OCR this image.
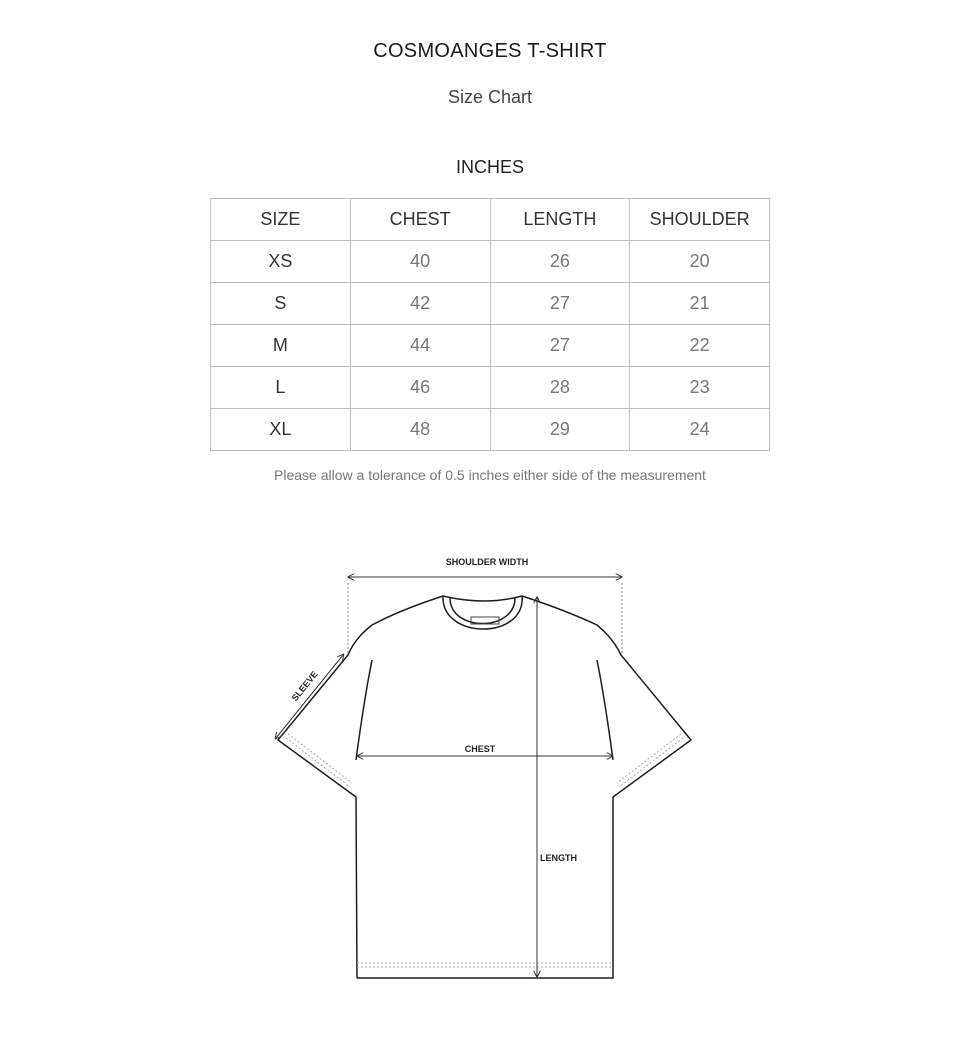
COSMOANGES T-SHIRT
Size Chart
INCHES
SIZE	CHEST	LENGTH	SHOULDER
XS	40	26	20
S	42	27	21
M	44	27	22
L	46	28	23
XL	48	29	24
Please allow a tolerance of 0.5 inches either side of the measurement
SHOULDER WIDTH
SLEEVE
CHEST
LENGTH
